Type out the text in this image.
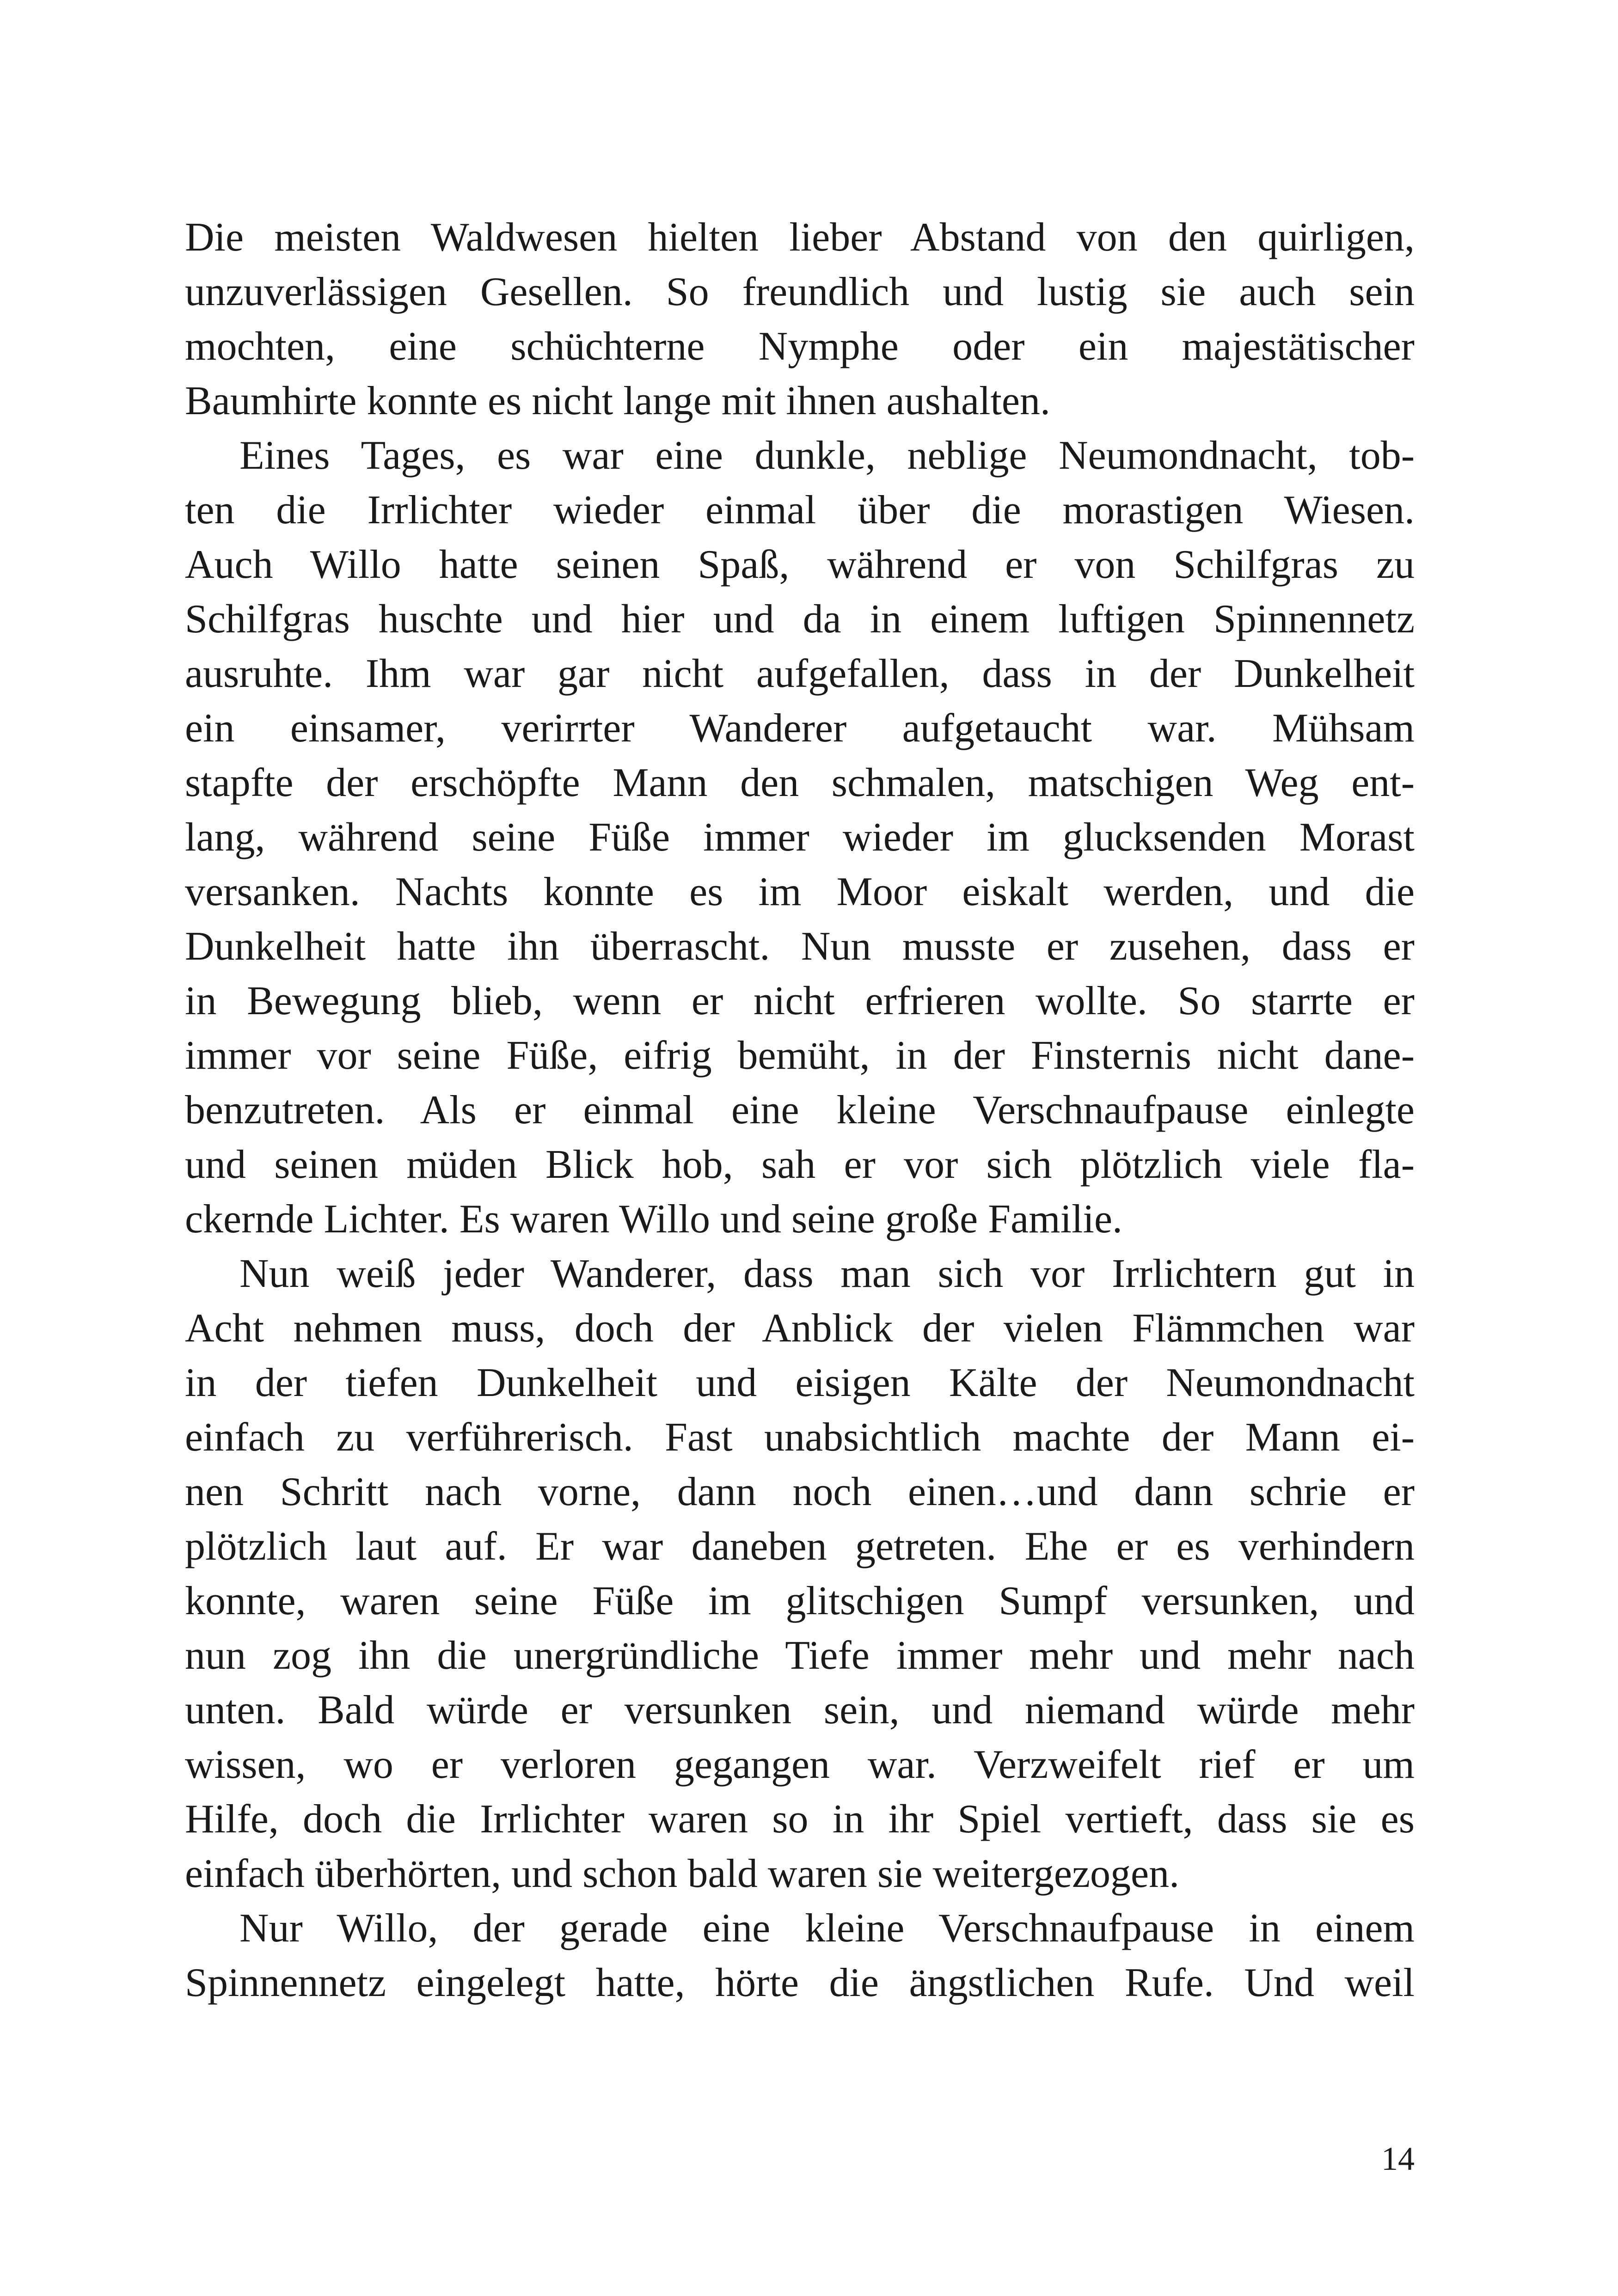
Die meisten Waldwesen hielten lieber Abstand von den quirligen,
unzuverlässigen Gesellen. So freundlich und lustig sie auch sein
mochten, eine schüchterne Nymphe oder ein majestätischer
Baumhirte konnte es nicht lange mit ihnen aushalten.
Eines Tages, es war eine dunkle, neblige Neumondnacht, tob-
ten die Irrlichter wieder einmal über die morastigen Wiesen.
Auch Willo hatte seinen Spaß, während er von Schilfgras zu
Schilfgras huschte und hier und da in einem luftigen Spinnennetz
ausruhte. Ihm war gar nicht aufgefallen, dass in der Dunkelheit
ein einsamer, verirrter Wanderer aufgetaucht war. Mühsam
stapfte der erschöpfte Mann den schmalen, matschigen Weg ent-
lang, während seine Füße immer wieder im glucksenden Morast
versanken. Nachts konnte es im Moor eiskalt werden, und die
Dunkelheit hatte ihn überrascht. Nun musste er zusehen, dass er
in Bewegung blieb, wenn er nicht erfrieren wollte. So starrte er
immer vor seine Füße, eifrig bemüht, in der Finsternis nicht dane-
benzutreten. Als er einmal eine kleine Verschnaufpause einlegte
und seinen müden Blick hob, sah er vor sich plötzlich viele fla-
ckernde Lichter. Es waren Willo und seine große Familie.
Nun weiß jeder Wanderer, dass man sich vor Irrlichtern gut in
Acht nehmen muss, doch der Anblick der vielen Flämmchen war
in der tiefen Dunkelheit und eisigen Kälte der Neumondnacht
einfach zu verführerisch. Fast unabsichtlich machte der Mann ei-
nen Schritt nach vorne, dann noch einen…und dann schrie er
plötzlich laut auf. Er war daneben getreten. Ehe er es verhindern
konnte, waren seine Füße im glitschigen Sumpf versunken, und
nun zog ihn die unergründliche Tiefe immer mehr und mehr nach
unten. Bald würde er versunken sein, und niemand würde mehr
wissen, wo er verloren gegangen war. Verzweifelt rief er um
Hilfe, doch die Irrlichter waren so in ihr Spiel vertieft, dass sie es
einfach überhörten, und schon bald waren sie weitergezogen.
Nur Willo, der gerade eine kleine Verschnaufpause in einem
Spinnennetz eingelegt hatte, hörte die ängstlichen Rufe. Und weil
14
